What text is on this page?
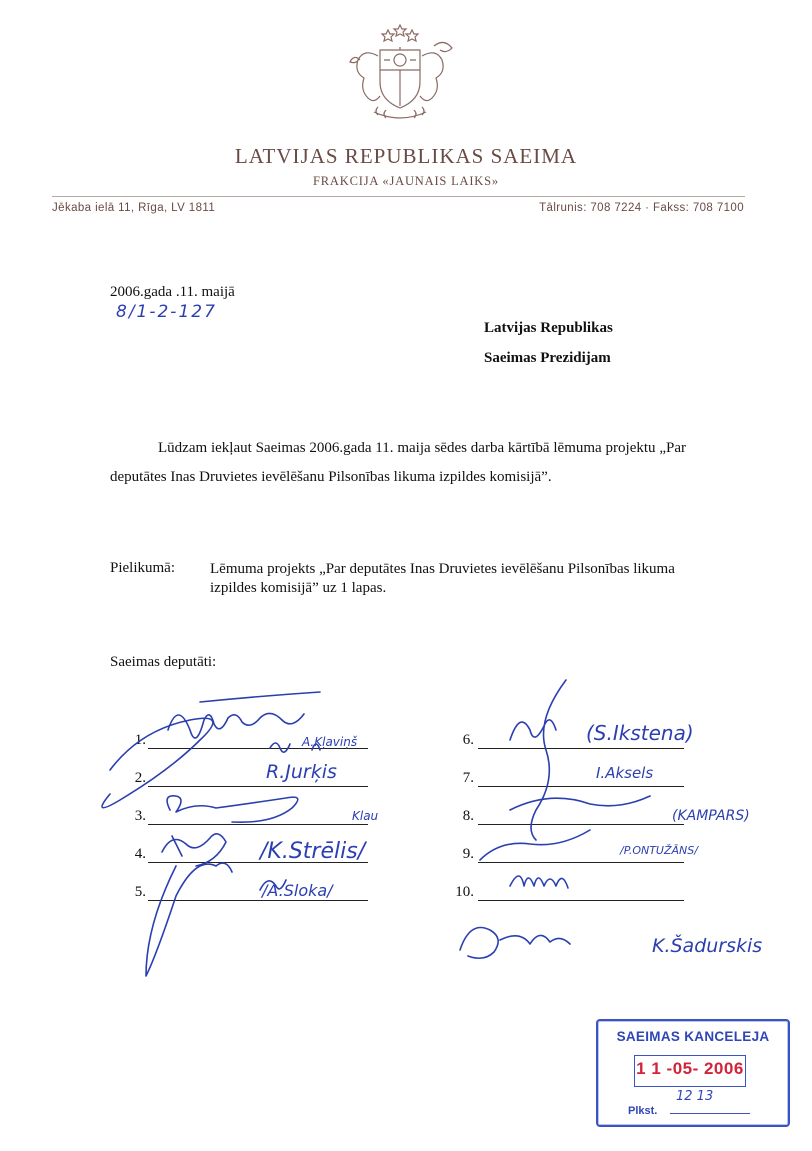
LATVIJAS REPUBLIKAS SAEIMA
FRAKCIJA «JAUNAIS LAIKS»
Jēkaba ielā 11, Rīga, LV 1811	Tālrunis: 708 7224 · Fakss: 708 7100
2006.gada .11. maijā
8/1-2-127
Latvijas Republikas
Saeimas Prezidijam
Lūdzam iekļaut Saeimas 2006.gada 11. maija sēdes darba kārtībā lēmuma projektu „Par deputātes Inas Druvietes ievēlēšanu Pilsonības likuma izpildes komisijā”.
Pielikumā: Lēmuma projekts „Par deputātes Inas Druvietes ievēlēšanu Pilsonības likuma izpildes komisijā” uz 1 lapas.
Saeimas deputāti:
1.
2.
3.
4.
5.
6.
7.
8.
9.
10.
A.Kļaviņš
R.Jurķis
Klau
/K.Strēlis/
/A.Sloka/
(S.Ikstena)
I.Aksels
(KAMPARS)
/P.ONTUŽĀNS/
K.Šadurskis
SAEIMAS KANCELEJA
1 1 -05- 2006
Plkst.
12 13
